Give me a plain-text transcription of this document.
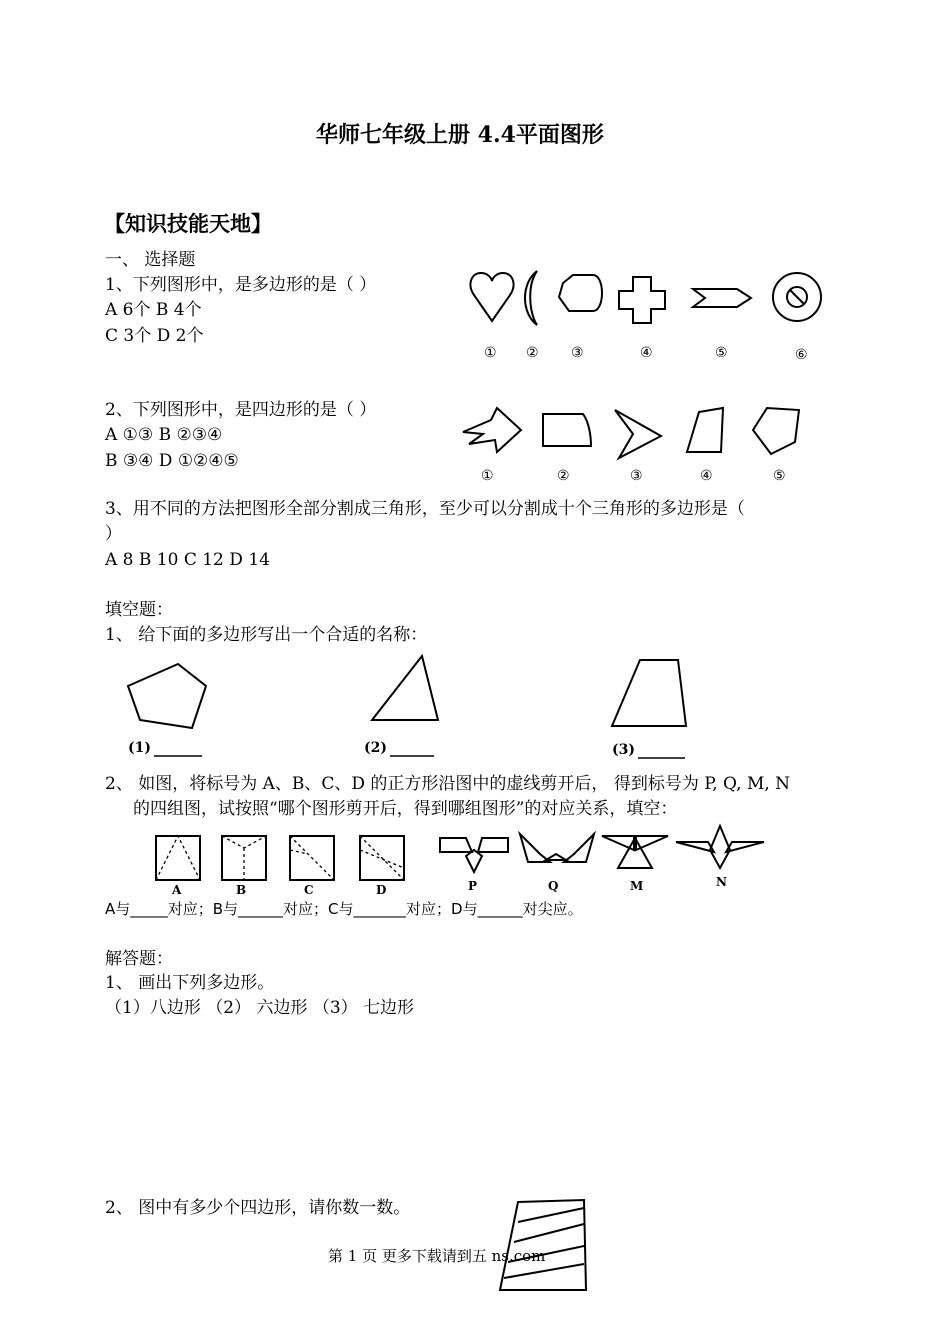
华师七年级上册 4.4平面图形
【知识技能天地】
一、 选择题
1、下列图形中，是多边形的是（ ）
A 6个 B 4个
C 3个 D 2个
① ② ③	④	⑤	⑥
2、下列图形中，是四边形的是（ ）
A ①③ B ②③④
B ③④ D ①②④⑤
①	②	③	④	⑤
3、用不同的方法把图形全部分割成三角形，至少可以分割成十个三角形的多边形是（
）
A 8 B 10 C 12 D 14
填空题：
1、 给下面的多边形写出一个合适的名称：
(1)	(2)	(3)
2、 如图，将标号为 A、B、C、D 的正方形沿图中的虚线剪开后， 得到标号为 P, Q, M, N
的四组图，试按照“哪个图形剪开后，得到哪组图形”的对应关系，填空：
A	B	C	D	P	Q	M	N
A与_____对应；B与______对应；C与_______对应；D与______对尖应。
解答题：
1、 画出下列多边形。
（1）八边形 （2） 六边形 （3） 七边形
2、 图中有多少个四边形，请你数一数。
第 1 页 更多下载请到五 ns.com
